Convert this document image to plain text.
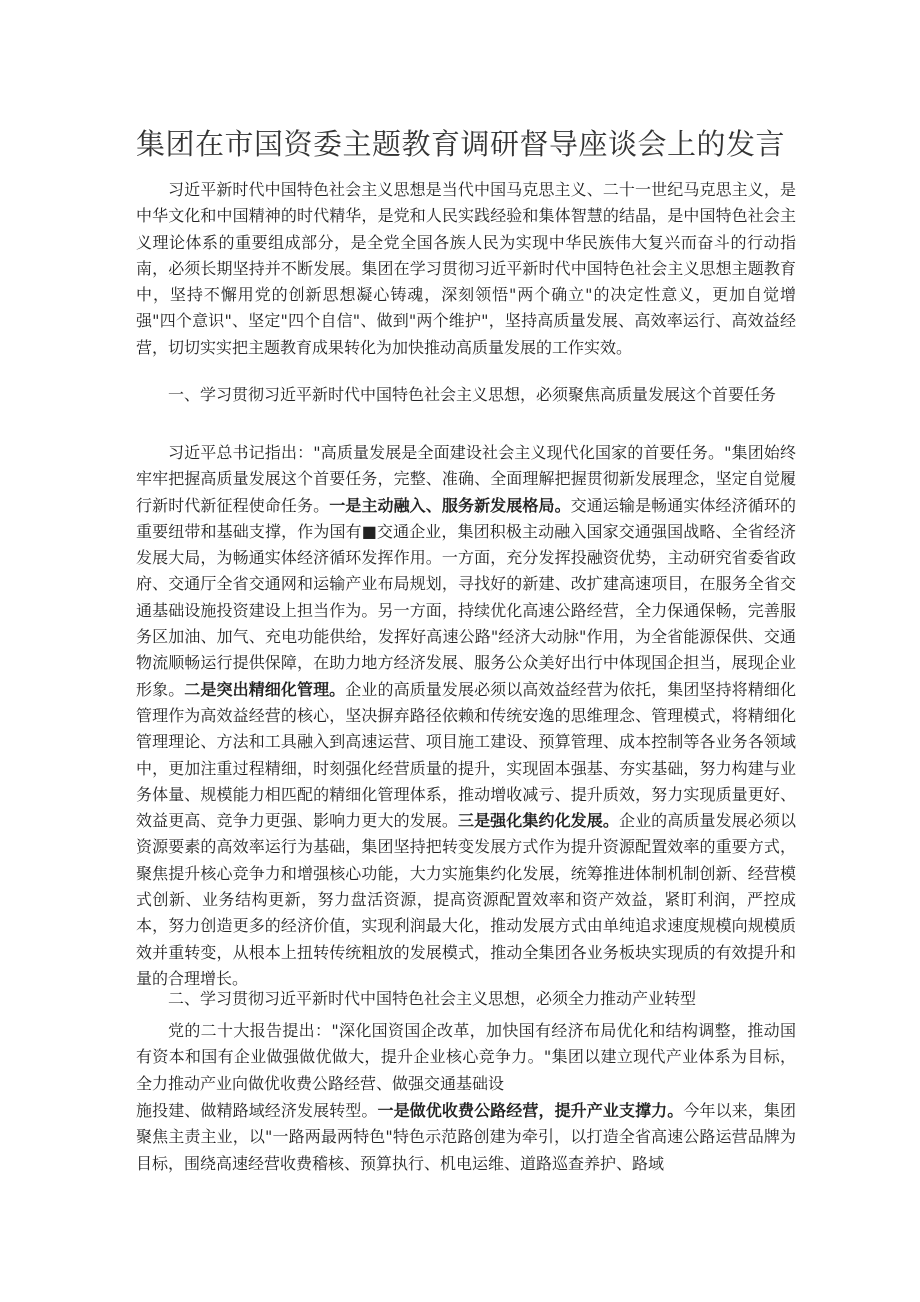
集团在市国资委主题教育调研督导座谈会上的发言

习近平新时代中国特色社会主义思想是当代中国马克思主义、二十一世纪马克思主义，是中华文化和中国精神的时代精华，是党和人民实践经验和集体智慧的结晶，是中国特色社会主义理论体系的重要组成部分，是全党全国各族人民为实现中华民族伟大复兴而奋斗的行动指南，必须长期坚持并不断发展。集团在学习贯彻习近平新时代中国特色社会主义思想主题教育中，坚持不懈用党的创新思想凝心铸魂，深刻领悟"两个确立"的决定性意义，更加自觉增强"四个意识"、坚定"四个自信"、做到"两个维护"，坚持高质量发展、高效率运行、高效益经营，切切实实把主题教育成果转化为加快推动高质量发展的工作实效。

一、学习贯彻习近平新时代中国特色社会主义思想，必须聚焦高质量发展这个首要任务

习近平总书记指出："高质量发展是全面建设社会主义现代化国家的首要任务。"集团始终牢牢把握高质量发展这个首要任务，完整、准确、全面理解把握贯彻新发展理念，坚定自觉履行新时代新征程使命任务。一是主动融入、服务新发展格局。交通运输是畅通实体经济循环的重要纽带和基础支撑，作为国有■交通企业，集团积极主动融入国家交通强国战略、全省经济发展大局，为畅通实体经济循环发挥作用。一方面，充分发挥投融资优势，主动研究省委省政府、交通厅全省交通网和运输产业布局规划，寻找好的新建、改扩建高速项目，在服务全省交通基础设施投资建设上担当作为。另一方面，持续优化高速公路经营，全力保通保畅，完善服务区加油、加气、充电功能供给，发挥好高速公路"经济大动脉"作用，为全省能源保供、交通物流顺畅运行提供保障，在助力地方经济发展、服务公众美好出行中体现国企担当，展现企业形象。二是突出精细化管理。企业的高质量发展必须以高效益经营为依托，集团坚持将精细化管理作为高效益经营的核心，坚决摒弃路径依赖和传统安逸的思维理念、管理模式，将精细化管理理论、方法和工具融入到高速运营、项目施工建设、预算管理、成本控制等各业务各领域中，更加注重过程精细，时刻强化经营质量的提升，实现固本强基、夯实基础，努力构建与业务体量、规模能力相匹配的精细化管理体系，推动增收减亏、提升质效，努力实现质量更好、效益更高、竞争力更强、影响力更大的发展。三是强化集约化发展。企业的高质量发展必须以资源要素的高效率运行为基础，集团坚持把转变发展方式作为提升资源配置效率的重要方式，聚焦提升核心竞争力和增强核心功能，大力实施集约化发展，统筹推进体制机制创新、经营模式创新、业务结构更新，努力盘活资源，提高资源配置效率和资产效益，紧盯利润，严控成本，努力创造更多的经济价值，实现利润最大化，推动发展方式由单纯追求速度规模向规模质效并重转变，从根本上扭转传统粗放的发展模式，推动全集团各业务板块实现质的有效提升和量的合理增长。

二、学习贯彻习近平新时代中国特色社会主义思想，必须全力推动产业转型

党的二十大报告提出："深化国资国企改革，加快国有经济布局优化和结构调整，推动国有资本和国有企业做强做优做大，提升企业核心竞争力。"集团以建立现代产业体系为目标，全力推动产业向做优收费公路经营、做强交通基础设

施投建、做精路域经济发展转型。一是做优收费公路经营，提升产业支撑力。今年以来，集团聚焦主责主业，以"一路两最两特色"特色示范路创建为牵引，以打造全省高速公路运营品牌为目标，围绕高速经营收费稽核、预算执行、机电运维、道路巡查养护、路域
